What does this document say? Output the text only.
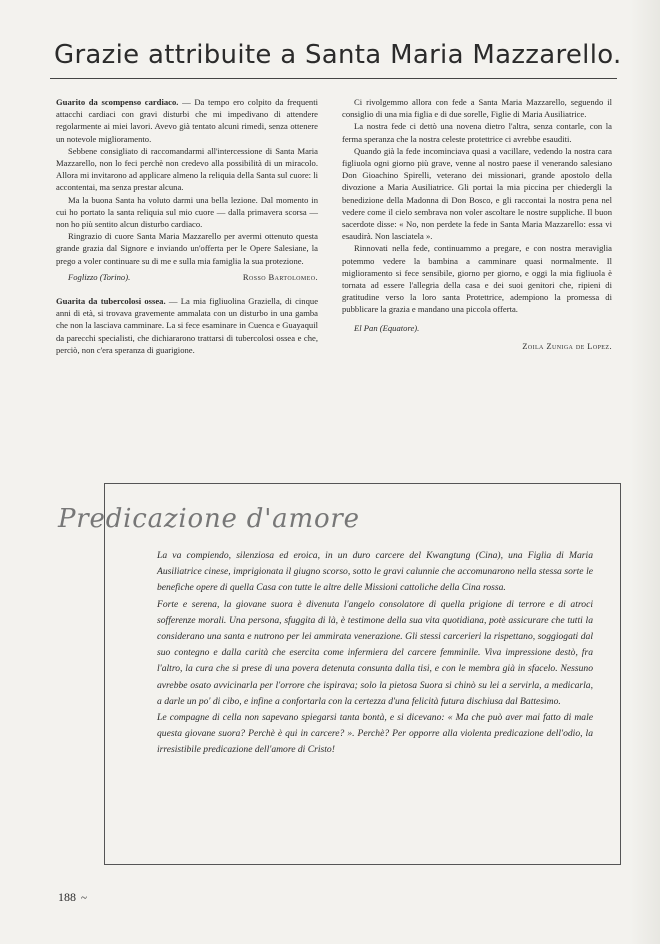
Grazie attribuite a Santa Maria Mazzarello.

Guarito da scompenso cardiaco. — Da tempo ero colpito da frequenti attacchi cardiaci con gravi disturbi che mi impedivano di attendere regolarmente ai miei lavori. Avevo già tentato alcuni rimedi, senza ottenere un notevole miglioramento.

Sebbene consigliato di raccomandarmi all'intercessione di Santa Maria Mazzarello, non lo feci perchè non credevo alla possibilità di un miracolo. Allora mi invitarono ad applicare almeno la reliquia della Santa sul cuore: li accontentai, ma senza prestar alcuna.

Ma la buona Santa ha voluto darmi una bella lezione. Dal momento in cui ho portato la santa reliquia sul mio cuore — dalla primavera scorsa — non ho più sentito alcun disturbo cardiaco.

Ringrazio di cuore Santa Maria Mazzarello per avermi ottenuto questa grande grazia dal Signore e inviando un'offerta per le Opere Salesiane, la prego a voler continuare su di me e sulla mia famiglia la sua protezione.

Foglizzo (Torino).	Rosso Bartolomeo.

Guarita da tubercolosi ossea. — La mia figliuolina Graziella, di cinque anni di età, si trovava gravemente ammalata con un disturbo in una gamba che non la lasciava camminare. La si fece esaminare in Cuenca e Guayaquil da parecchi specialisti, che dichiararono trattarsi di tubercolosi ossea e che, perciò, non c'era speranza di guarigione.

Ci rivolgemmo allora con fede a Santa Maria Mazzarello, seguendo il consiglio di una mia figlia e di due sorelle, Figlie di Maria Ausiliatrice.

La nostra fede ci dettò una novena dietro l'altra, senza contarle, con la ferma speranza che la nostra celeste protettrice ci avrebbe esauditi.

Quando già la fede incominciava quasi a vacillare, vedendo la nostra cara figliuola ogni giorno più grave, venne al nostro paese il venerando salesiano Don Gioachino Spirelli, veterano dei missionari, grande apostolo della divozione a Maria Ausiliatrice. Gli portai la mia piccina per chiedergli la benedizione della Madonna di Don Bosco, e gli raccontai la nostra pena nel vedere come il cielo sembrava non voler ascoltare le nostre suppliche. Il buon sacerdote disse: « No, non perdete la fede in Santa Maria Mazzarello: essa vi esaudirà. Non lasciatela ».

Rinnovati nella fede, continuammo a pregare, e con nostra meraviglia potemmo vedere la bambina a camminare quasi normalmente. Il miglioramento si fece sensibile, giorno per giorno, e oggi la mia figliuola è tornata ad essere l'allegria della casa e dei suoi genitori che, ripieni di gratitudine verso la loro santa Protettrice, adempiono la promessa di pubblicare la grazia e mandano una piccola offerta.

El Pan (Equatore).
Zoila Zuniga de Lopez.
Predicazione d'amore

La va compiendo, silenziosa ed eroica, in un duro carcere del Kwangtung (Cina), una Figlia di Maria Ausiliatrice cinese, imprigionata il giugno scorso, sotto le gravi calunnie che accomunarono nella stessa sorte le benefiche opere di quella Casa con tutte le altre delle Missioni cattoliche della Cina rossa.

Forte e serena, la giovane suora è divenuta l'angelo consolatore di quella prigione di terrore e di atroci sofferenze morali. Una persona, sfuggita di là, è testimone della sua vita quotidiana, potè assicurare che tutti la considerano una santa e nutrono per lei ammirata venerazione. Gli stessi carcerieri la rispettano, soggiogati dal suo contegno e dalla carità che esercita come infermiera del carcere femminile. Viva impressione destò, fra l'altro, la cura che si prese di una povera detenuta consunta dalla tisi, e con le membra già in sfacelo. Nessuno avrebbe osato avvicinarla per l'orrore che ispirava; solo la pietosa Suora si chinò su lei a servirla, a medicarla, a darle un po' di cibo, e infine a confortarla con la certezza d'una felicità futura dischiusa dal Battesimo.

Le compagne di cella non sapevano spiegarsi tanta bontà, e si dicevano: « Ma che può aver mai fatto di male questa giovane suora? Perchè è qui in carcere? ». Perchè? Per opporre alla violenta predicazione dell'odio, la irresistibile predicazione dell'amore di Cristo!

188 ~
